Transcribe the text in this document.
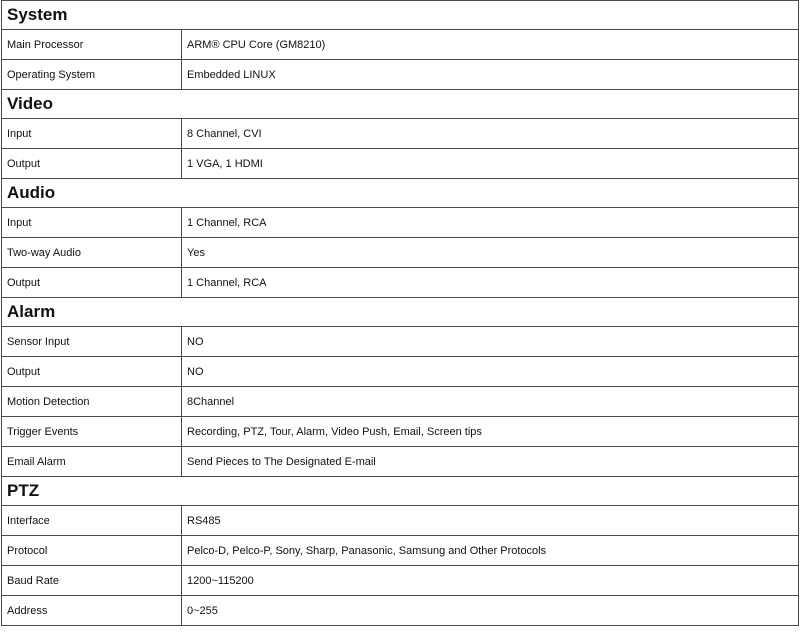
System	
Main Processor	ARM® CPU Core (GM8210)
Operating System	Embedded LINUX
Video	
Input	8 Channel, CVI
Output	1 VGA, 1 HDMI
Audio	
Input	1 Channel, RCA
Two-way Audio	Yes
Output	1 Channel, RCA
Alarm	
Sensor Input	NO
Output	NO
Motion Detection	8Channel
Trigger Events	Recording, PTZ, Tour, Alarm, Video Push, Email, Screen tips
Email Alarm	Send Pieces to The Designated E-mail
PTZ	
Interface	RS485
Protocol	Pelco-D, Pelco-P, Sony, Sharp, Panasonic, Samsung and Other Protocols
Baud Rate	1200~115200
Address	0~255
